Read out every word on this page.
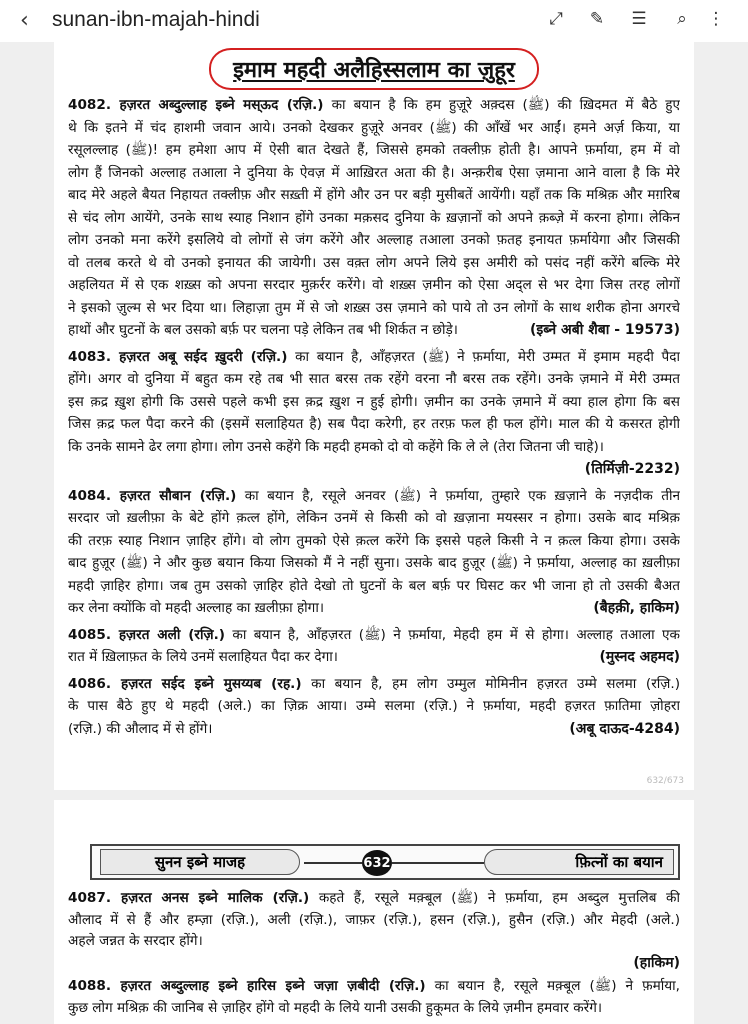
‹ sunan-ibn-majah-hindi	⤢ ✎ ☰	⌕	⋮
इमाम महदी अलैहिस्सलाम का ज़ुहूर
632/673
4082. हज़रत अब्दुल्लाह इब्ने मस्ऊद (रज़ि.) का बयान है कि हम हुज़ूरे अक़्दस (ﷺ) की ख़िदमत में बैठे हुए
थे कि इतने में चंद हाशमी जवान आये। उनको देखकर हुज़ूरे अनवर (ﷺ) की आँखें भर आईं। हमने अर्ज़ किया, या
रसूलल्लाह (ﷺ)! हम हमेशा आप में ऐसी बात देखते हैं, जिससे हमको तक्लीफ़ होती है। आपने फ़र्माया, हम में वो
लोग हैं जिनको अल्लाह तआला ने दुनिया के ऐवज़ में आख़िरत अता की है। अन्क़रीब ऐसा ज़माना आने वाला है कि मेरे
बाद मेरे अहले बैयत निहायत तक्लीफ़ और सख़्ती में होंगे और उन पर बड़ी मुसीबतें आयेंगी। यहाँ तक कि मश्रिक़ और मग़रिब
से चंद लोग आयेंगे, उनके साथ स्याह निशान होंगे उनका मक़सद दुनिया के ख़ज़ानों को अपने क़ब्ज़े में करना होगा। लेकिन
लोग उनको मना करेंगे इसलिये वो लोगों से जंग करेंगे और अल्लाह तआला उनको फ़तह इनायत फ़र्मायेगा और जिसकी
वो तलब करते थे वो उनको इनायत की जायेगी। उस वक़्त लोग अपने लिये इस अमीरी को पसंद नहीं करेंगे बल्कि मेरे
अहलियत में से एक शख़्स को अपना सरदार मुक़र्रर करेंगे। वो शख़्स ज़मीन को ऐसा अद्ल से भर देगा जिस तरह लोगों
ने इसको ज़ुल्म से भर दिया था। लिहाज़ा तुम में से जो शख़्स उस ज़माने को पाये तो उन लोगों के साथ शरीक होना अगरचे
हाथों और घुटनों के बल उसको बर्फ़ पर चलना पड़े लेकिन तब भी शिर्कत न छोड़े।	(इब्ने अबी शैबा - 19573)
4083. हज़रत अबू सईद ख़ुदरी (रज़ि.) का बयान है, आँहज़रत (ﷺ) ने फ़र्माया, मेरी उम्मत में इमाम महदी पैदा
होंगे। अगर वो दुनिया में बहुत कम रहे तब भी सात बरस तक रहेंगे वरना नौ बरस तक रहेंगे। उनके ज़माने में मेरी उम्मत
इस क़द्र ख़ुश होगी कि उससे पहले कभी इस क़द्र ख़ुश न हुई होगी। ज़मीन का उनके ज़माने में क्या हाल होगा कि बस
जिस क़द्र फल पैदा करने की (इसमें सलाहियत है) सब पैदा करेगी, हर तरफ़ फल ही फल होंगे। माल की ये कसरत होगी
कि उनके सामने ढेर लगा होगा। लोग उनसे कहेंगे कि महदी हमको दो वो कहेंगे कि ले ले (तेरा जितना जी चाहे)।
(तिर्मिज़ी-2232)
4084. हज़रत सौबान (रज़ि.) का बयान है, रसूले अनवर (ﷺ) ने फ़र्माया, तुम्हारे एक ख़ज़ाने के नज़दीक तीन
सरदार जो ख़लीफ़ा के बेटे होंगे क़त्ल होंगे, लेकिन उनमें से किसी को वो ख़ज़ाना मयस्सर न होगा। उसके बाद मश्रिक़
की तरफ़ स्याह निशान ज़ाहिर होंगे। वो लोग तुमको ऐसे क़त्ल करेंगे कि इससे पहले किसी ने न क़त्ल किया होगा। उसके
बाद हुज़ूर (ﷺ) ने और कुछ बयान किया जिसको मैं ने नहीं सुना। उसके बाद हुज़ूर (ﷺ) ने फ़र्माया, अल्लाह का ख़लीफ़ा
महदी ज़ाहिर होगा। जब तुम उसको ज़ाहिर होते देखो तो घुटनों के बल बर्फ़ पर घिसट कर भी जाना हो तो उसकी बैअत
कर लेना क्योंकि वो महदी अल्लाह का ख़लीफ़ा होगा।	(बैहक़ी, हाकिम)
4085. हज़रत अली (रज़ि.) का बयान है, आँहज़रत (ﷺ) ने फ़र्माया, मेहदी हम में से होगा। अल्लाह तआला एक
रात में ख़िलाफ़त के लिये उनमें सलाहियत पैदा कर देगा।	(मुस्नद अहमद)
4086. हज़रत सईद इब्ने मुसय्यब (रह.) का बयान है, हम लोग उम्मुल मोमिनीन हज़रत उम्मे सलमा (रज़ि.)
के पास बैठे हुए थे महदी (अले.) का ज़िक्र आया। उम्मे सलमा (रज़ि.) ने फ़र्माया, महदी हज़रत फ़ातिमा ज़ोहरा
(रज़ि.) की औलाद में से होंगे।	(अबू दाऊद-4284)
सुनन इब्ने माजह	632	फ़ित्नों का बयान
4087. हज़रत अनस इब्ने मालिक (रज़ि.) कहते हैं, रसूले मक़्बूल (ﷺ) ने फ़र्माया, हम अब्दुल मुत्तलिब की
औलाद में से हैं और हम्ज़ा (रज़ि.), अली (रज़ि.), जाफ़र (रज़ि.), हसन (रज़ि.), हुसैन (रज़ि.) और मेहदी (अले.)
अहले जन्नत के सरदार होंगे।
(हाकिम)
4088. हज़रत अब्दुल्लाह इब्ने हारिस इब्ने जज़ा ज़बीदी (रज़ि.) का बयान है, रसूले मक़्बूल (ﷺ) ने फ़र्माया,
कुछ लोग मश्रिक़ की जानिब से ज़ाहिर होंगे वो महदी के लिये यानी उसकी हुकूमत के लिये ज़मीन हमवार करेंगे।
